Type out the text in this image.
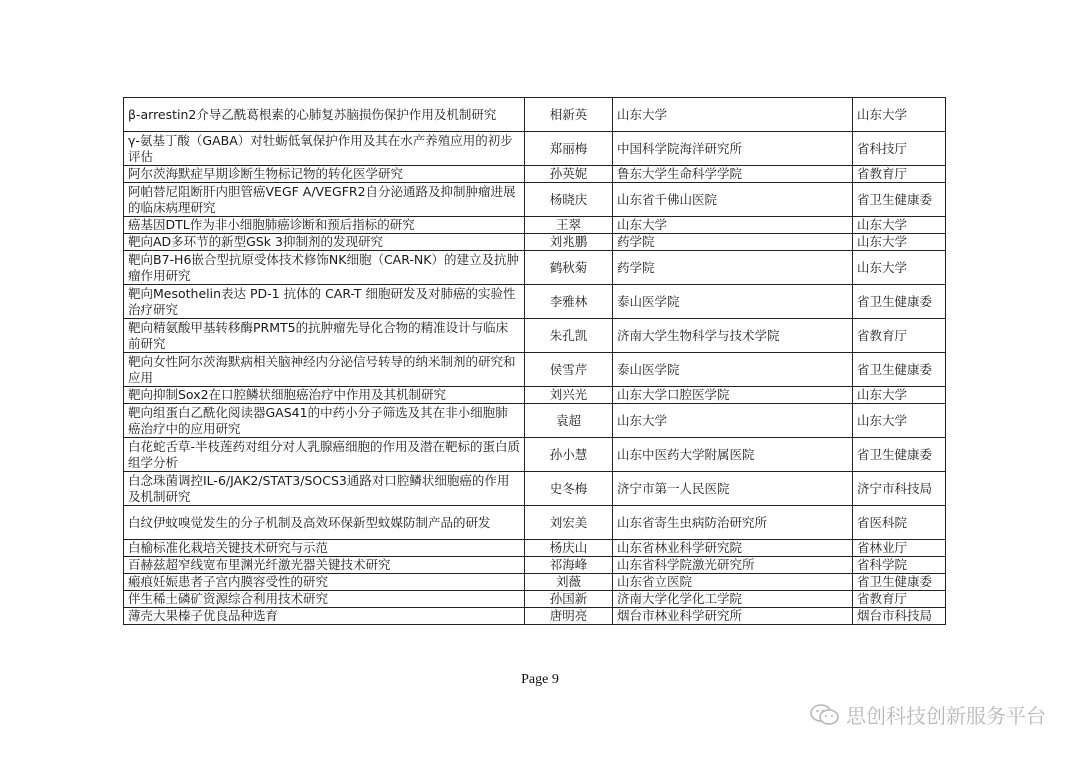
β-arrestin2介导乙酰葛根素的心肺复苏脑损伤保护作用及机制研究	相新英	山东大学	山东大学
γ-氨基丁酸（GABA）对牡蛎低氧保护作用及其在水产养殖应用的初步评估	郑丽梅	中国科学院海洋研究所	省科技厅
阿尔茨海默症早期诊断生物标记物的转化医学研究	孙英妮	鲁东大学生命科学学院	省教育厅
阿帕替尼阻断肝内胆管癌VEGF A/VEGFR2自分泌通路及抑制肿瘤进展的临床病理研究	杨晓庆	山东省千佛山医院	省卫生健康委
癌基因DTL作为非小细胞肺癌诊断和预后指标的研究	王翠	山东大学	山东大学
靶向AD多环节的新型GSk 3抑制剂的发现研究	刘兆鹏	药学院	山东大学
靶向B7-H6嵌合型抗原受体技术修饰NK细胞（CAR-NK）的建立及抗肿瘤作用研究	鹤秋菊	药学院	山东大学
靶向Mesothelin表达 PD-1 抗体的 CAR-T 细胞研发及对肺癌的实验性治疗研究	李雅林	泰山医学院	省卫生健康委
靶向精氨酸甲基转移酶PRMT5的抗肿瘤先导化合物的精准设计与临床前研究	朱孔凯	济南大学生物科学与技术学院	省教育厅
靶向女性阿尔茨海默病相关脑神经内分泌信号转导的纳米制剂的研究和应用	侯雪芹	泰山医学院	省卫生健康委
靶向抑制Sox2在口腔鳞状细胞癌治疗中作用及其机制研究	刘兴光	山东大学口腔医学院	山东大学
靶向组蛋白乙酰化阅读器GAS41的中药小分子筛选及其在非小细胞肺癌治疗中的应用研究	袁超	山东大学	山东大学
白花蛇舌草-半枝莲药对组分对人乳腺癌细胞的作用及潜在靶标的蛋白质组学分析	孙小慧	山东中医药大学附属医院	省卫生健康委
白念珠菌调控IL-6/JAK2/STAT3/SOCS3通路对口腔鳞状细胞癌的作用及机制研究	史冬梅	济宁市第一人民医院	济宁市科技局
白纹伊蚊嗅觉发生的分子机制及高效环保新型蚊媒防制产品的研发	刘宏美	山东省寄生虫病防治研究所	省医科院
白榆标准化栽培关键技术研究与示范	杨庆山	山东省林业科学研究院	省林业厅
百赫兹超窄线宽布里渊光纤激光器关键技术研究	祁海峰	山东省科学院激光研究所	省科学院
瘢痕妊娠患者子宫内膜容受性的研究	刘薇	山东省立医院	省卫生健康委
伴生稀土磷矿资源综合利用技术研究	孙国新	济南大学化学化工学院	省教育厅
薄壳大果榛子优良品种选育	唐明亮	烟台市林业科学研究所	烟台市科技局
Page 9
思创科技创新服务平台
